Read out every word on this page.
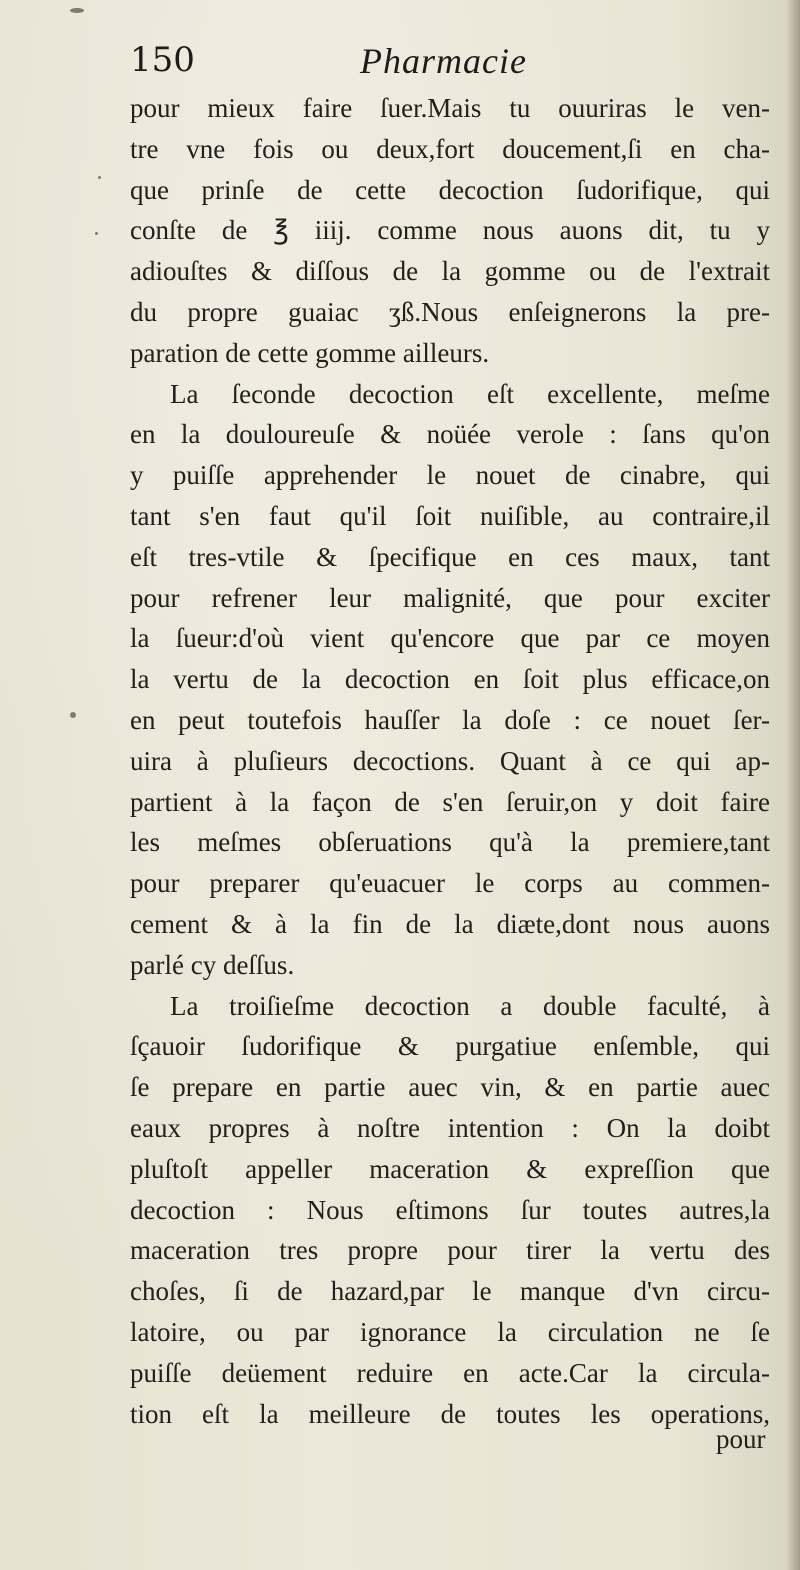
150	Pharmacie
pour mieux faire ſuer.Mais tu ouuriras le ven-
tre vne fois ou deux,fort doucement,ſi en cha-
que prinſe de cette decoction ſudorifique, qui
conſte de ℥ iiij. comme nous auons dit, tu y
adiouſtes & diſſous de la gomme ou de l'extrait
du propre guaiac ʒß.Nous enſeignerons la pre-
paration de cette gomme ailleurs.
La ſeconde decoction eſt excellente, meſme
en la douloureuſe & noüée verole : ſans qu'on
y puiſſe apprehender le nouet de cinabre, qui
tant s'en faut qu'il ſoit nuiſible, au contraire,il
eſt tres-vtile & ſpecifique en ces maux, tant
pour refrener leur malignité, que pour exciter
la ſueur:d'où vient qu'encore que par ce moyen
la vertu de la decoction en ſoit plus efficace,on
en peut toutefois hauſſer la doſe : ce nouet ſer-
uira à pluſieurs decoctions. Quant à ce qui ap-
partient à la façon de s'en ſeruir,on y doit faire
les meſmes obſeruations qu'à la premiere,tant
pour preparer qu'euacuer le corps au commen-
cement & à la fin de la diæte,dont nous auons
parlé cy deſſus.
La troiſieſme decoction a double faculté, à
ſçauoir ſudorifique & purgatiue enſemble, qui
ſe prepare en partie auec vin, & en partie auec
eaux propres à noſtre intention : On la doibt
pluſtoſt appeller maceration & expreſſion que
decoction : Nous eſtimons ſur toutes autres,la
maceration tres propre pour tirer la vertu des
choſes, ſi de hazard,par le manque d'vn circu-
latoire, ou par ignorance la circulation ne ſe
puiſſe deüement reduire en acte.Car la circula-
tion eſt la meilleure de toutes les operations,
pour
